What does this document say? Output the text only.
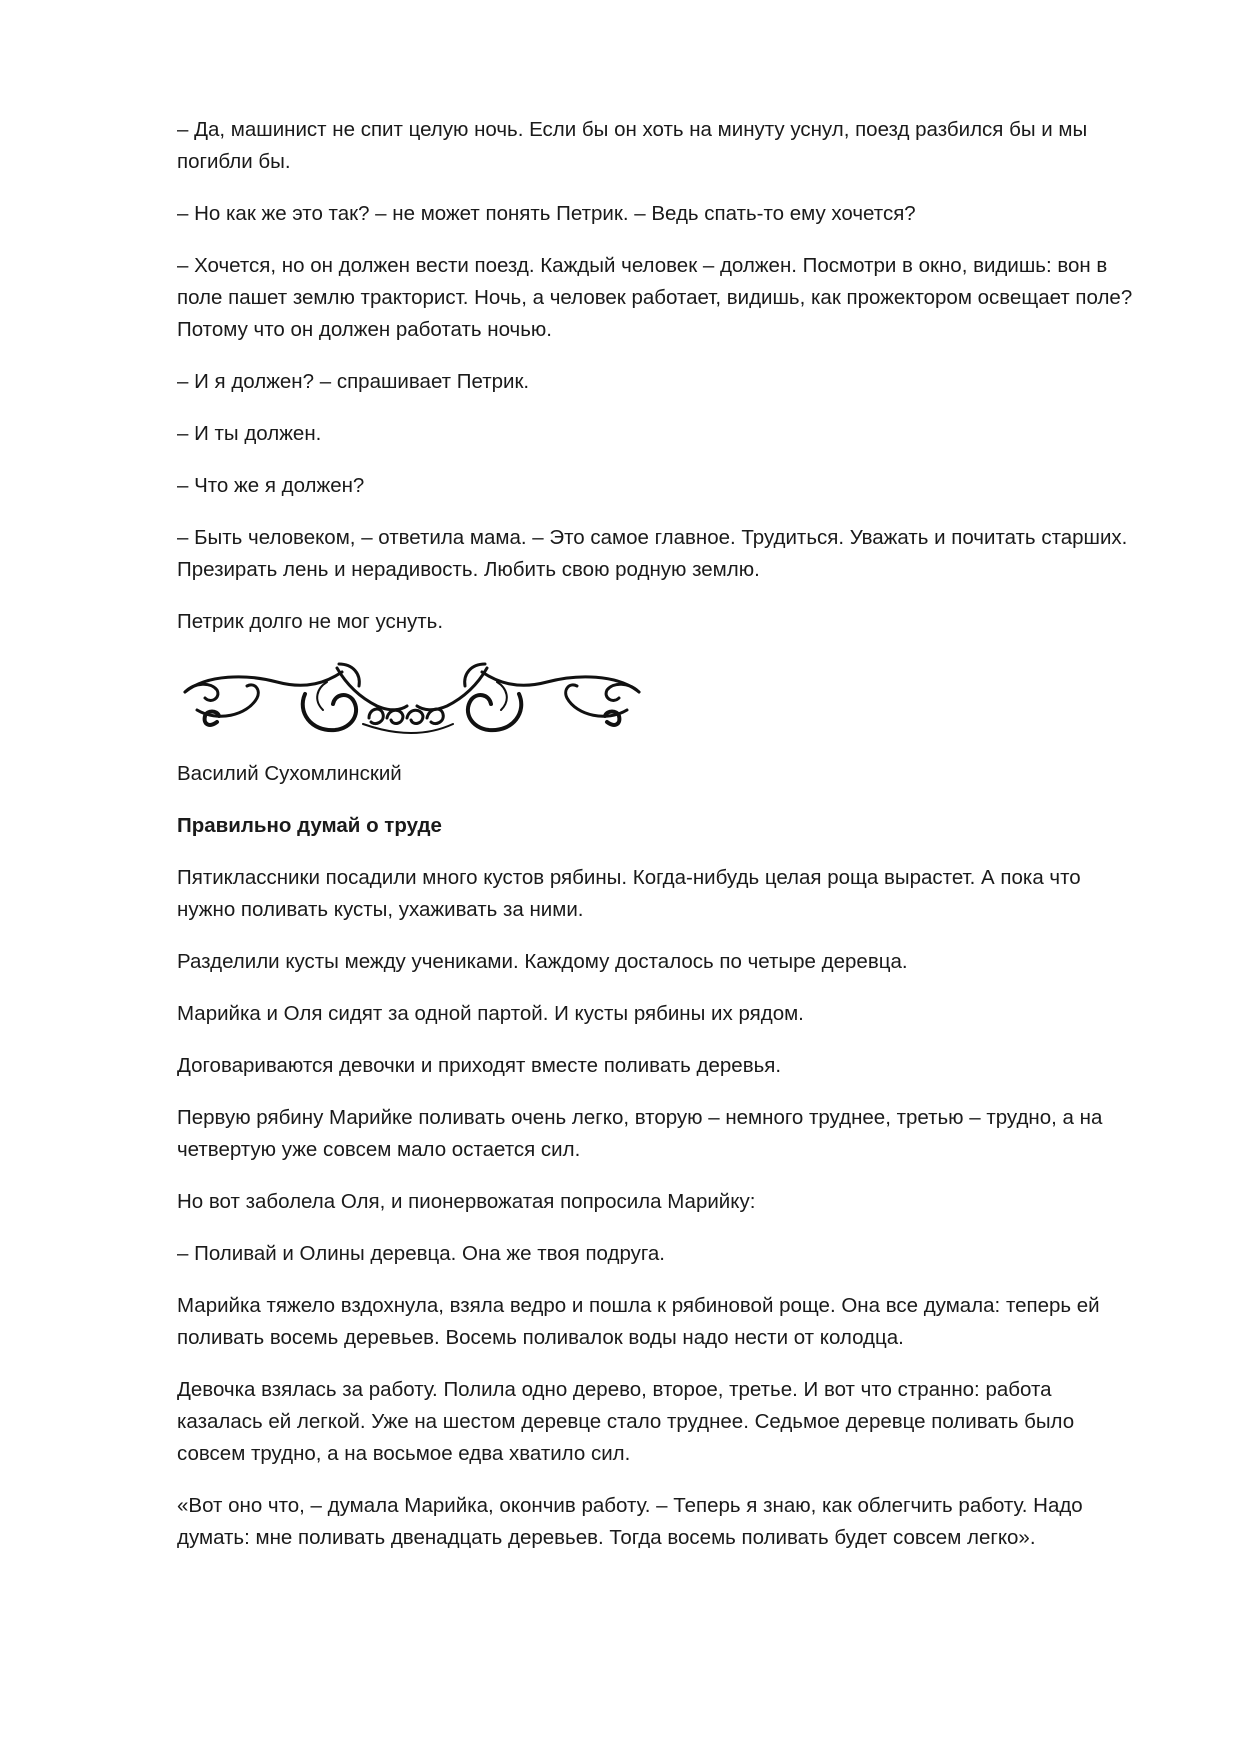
– Да, машинист не спит целую ночь. Если бы он хоть на минуту уснул, поезд разбился бы и мы погибли бы.

– Но как же это так? – не может понять Петрик. – Ведь спать-то ему хочется?

– Хочется, но он должен вести поезд. Каждый человек – должен. Посмотри в окно, видишь: вон в поле пашет землю тракторист. Ночь, а человек работает, видишь, как прожектором освещает поле? Потому что он должен работать ночью.

– И я должен? – спрашивает Петрик.

– И ты должен.

– Что же я должен?

– Быть человеком, – ответила мама. – Это самое главное. Трудиться. Уважать и почитать старших. Презирать лень и нерадивость. Любить свою родную землю.

Петрик долго не мог уснуть.

Василий Сухомлинский

Правильно думай о труде

Пятиклассники посадили много кустов рябины. Когда-нибудь целая роща вырастет. А пока что нужно поливать кусты, ухаживать за ними.

Разделили кусты между учениками. Каждому досталось по четыре деревца.

Марийка и Оля сидят за одной партой. И кусты рябины их рядом.

Договариваются девочки и приходят вместе поливать деревья.

Первую рябину Марийке поливать очень легко, вторую – немного труднее, третью – трудно, а на четвертую уже совсем мало остается сил.

Но вот заболела Оля, и пионервожатая попросила Марийку:

– Поливай и Олины деревца. Она же твоя подруга.

Марийка тяжело вздохнула, взяла ведро и пошла к рябиновой роще. Она все думала: теперь ей поливать восемь деревьев. Восемь поливалок воды надо нести от колодца.

Девочка взялась за работу. Полила одно дерево, второе, третье. И вот что странно: работа казалась ей легкой. Уже на шестом деревце стало труднее. Седьмое деревце поливать было совсем трудно, а на восьмое едва хватило сил.

«Вот оно что, – думала Марийка, окончив работу. – Теперь я знаю, как облегчить работу. Надо думать: мне поливать двенадцать деревьев. Тогда восемь поливать будет совсем легко».
